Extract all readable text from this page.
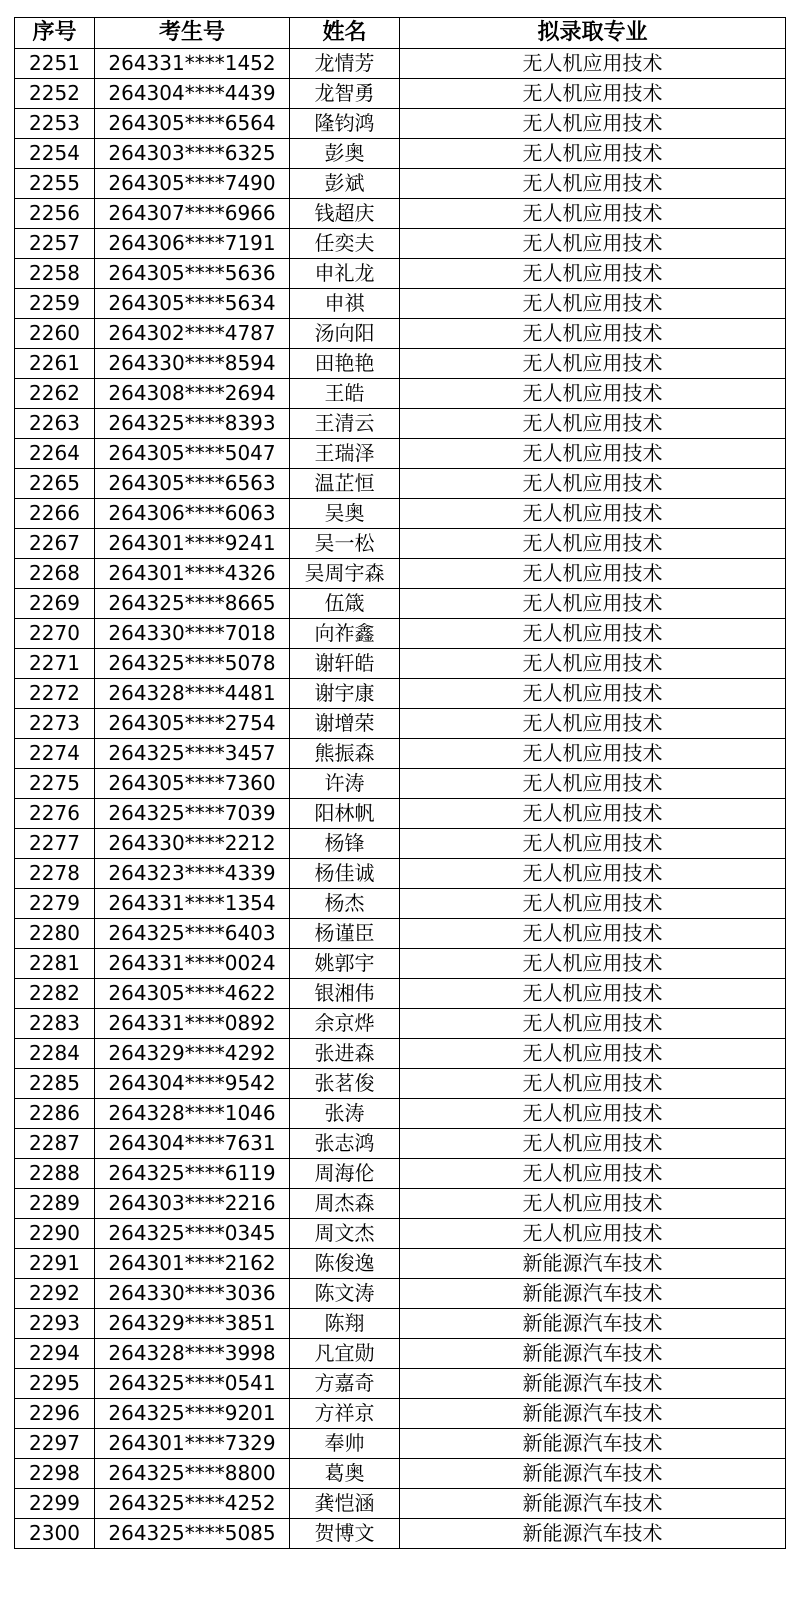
序号	考生号	姓名	拟录取专业
2251	264331****1452	龙情芳	无人机应用技术
2252	264304****4439	龙智勇	无人机应用技术
2253	264305****6564	隆钧鸿	无人机应用技术
2254	264303****6325	彭奥	无人机应用技术
2255	264305****7490	彭斌	无人机应用技术
2256	264307****6966	钱超庆	无人机应用技术
2257	264306****7191	任奕夫	无人机应用技术
2258	264305****5636	申礼龙	无人机应用技术
2259	264305****5634	申祺	无人机应用技术
2260	264302****4787	汤向阳	无人机应用技术
2261	264330****8594	田艳艳	无人机应用技术
2262	264308****2694	王皓	无人机应用技术
2263	264325****8393	王清云	无人机应用技术
2264	264305****5047	王瑞泽	无人机应用技术
2265	264305****6563	温芷恒	无人机应用技术
2266	264306****6063	吴奥	无人机应用技术
2267	264301****9241	吴一松	无人机应用技术
2268	264301****4326	吴周宇森	无人机应用技术
2269	264325****8665	伍箴	无人机应用技术
2270	264330****7018	向祚鑫	无人机应用技术
2271	264325****5078	谢轩皓	无人机应用技术
2272	264328****4481	谢宇康	无人机应用技术
2273	264305****2754	谢增荣	无人机应用技术
2274	264325****3457	熊振森	无人机应用技术
2275	264305****7360	许涛	无人机应用技术
2276	264325****7039	阳林帆	无人机应用技术
2277	264330****2212	杨锋	无人机应用技术
2278	264323****4339	杨佳诚	无人机应用技术
2279	264331****1354	杨杰	无人机应用技术
2280	264325****6403	杨谨臣	无人机应用技术
2281	264331****0024	姚郭宇	无人机应用技术
2282	264305****4622	银湘伟	无人机应用技术
2283	264331****0892	余京烨	无人机应用技术
2284	264329****4292	张进森	无人机应用技术
2285	264304****9542	张茗俊	无人机应用技术
2286	264328****1046	张涛	无人机应用技术
2287	264304****7631	张志鸿	无人机应用技术
2288	264325****6119	周海伦	无人机应用技术
2289	264303****2216	周杰森	无人机应用技术
2290	264325****0345	周文杰	无人机应用技术
2291	264301****2162	陈俊逸	新能源汽车技术
2292	264330****3036	陈文涛	新能源汽车技术
2293	264329****3851	陈翔	新能源汽车技术
2294	264328****3998	凡宜勋	新能源汽车技术
2295	264325****0541	方嘉奇	新能源汽车技术
2296	264325****9201	方祥京	新能源汽车技术
2297	264301****7329	奉帅	新能源汽车技术
2298	264325****8800	葛奥	新能源汽车技术
2299	264325****4252	龚恺涵	新能源汽车技术
2300	264325****5085	贺博文	新能源汽车技术
